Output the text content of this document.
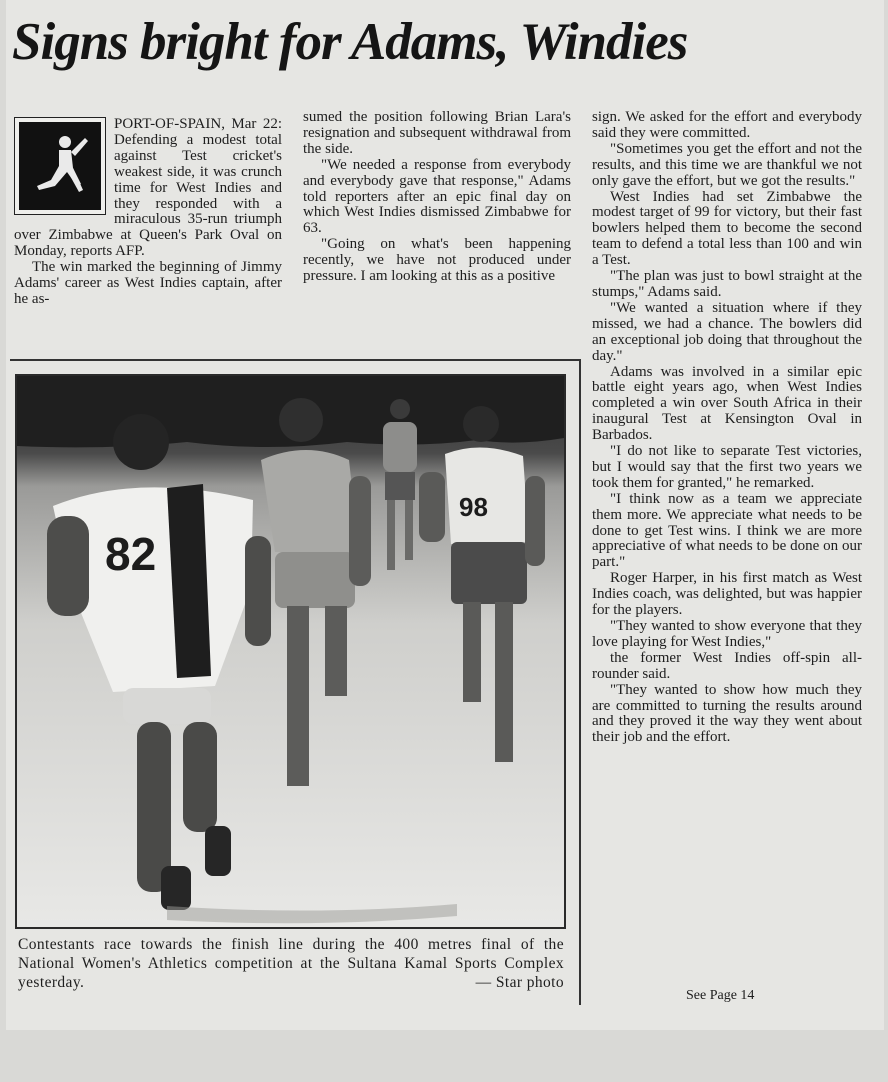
Signs bright for Adams, Windies

PORT-OF-SPAIN, Mar 22: Defending a modest total against Test cricket's weakest side, it was crunch time for West Indies and they responded with a miraculous 35-run triumph over Zimbabwe at Queen's Park Oval on Monday, reports AFP.

The win marked the beginning of Jimmy Adams' career as West Indies captain, after he as-

sumed the position following Brian Lara's resignation and subsequent withdrawal from the side.

"We needed a response from everybody and everybody gave that response," Adams told reporters after an epic final day on which West Indies dismissed Zimbabwe for 63.

"Going on what's been happening recently, we have not produced under pressure. I am looking at this as a positive

sign. We asked for the effort and everybody said they were committed.

"Sometimes you get the effort and not the results, and this time we are thankful we not only gave the effort, but we got the results."

West Indies had set Zimbabwe the modest target of 99 for victory, but their fast bowlers helped them to become the second team to defend a total less than 100 and win a Test.

"The plan was just to bowl straight at the stumps," Adams said.

"We wanted a situation where if they missed, we had a chance. The bowlers did an exceptional job doing that throughout the day."

Adams was involved in a similar epic battle eight years ago, when West Indies completed a win over South Africa in their inaugural Test at Kensington Oval in Barbados.

"I do not like to separate Test victories, but I would say that the first two years we took them for granted," he remarked.

"I think now as a team we appreciate them more. We appreciate what needs to be done to get Test wins. I think we are more appreciative of what needs to be done on our part."

Roger Harper, in his first match as West Indies coach, was delighted, but was happier for the players.

"They wanted to show everyone that they love playing for West Indies,"

the former West Indies off-spin all-rounder said.

"They wanted to show how much they are committed to turning the results around and they proved it the way they went about their job and the effort.

82
98
Contestants race towards the finish line during the 400 metres final of the National Women's Athletics competition at the Sultana Kamal Sports Complex yesterday.	— Star photo
See Page 14
